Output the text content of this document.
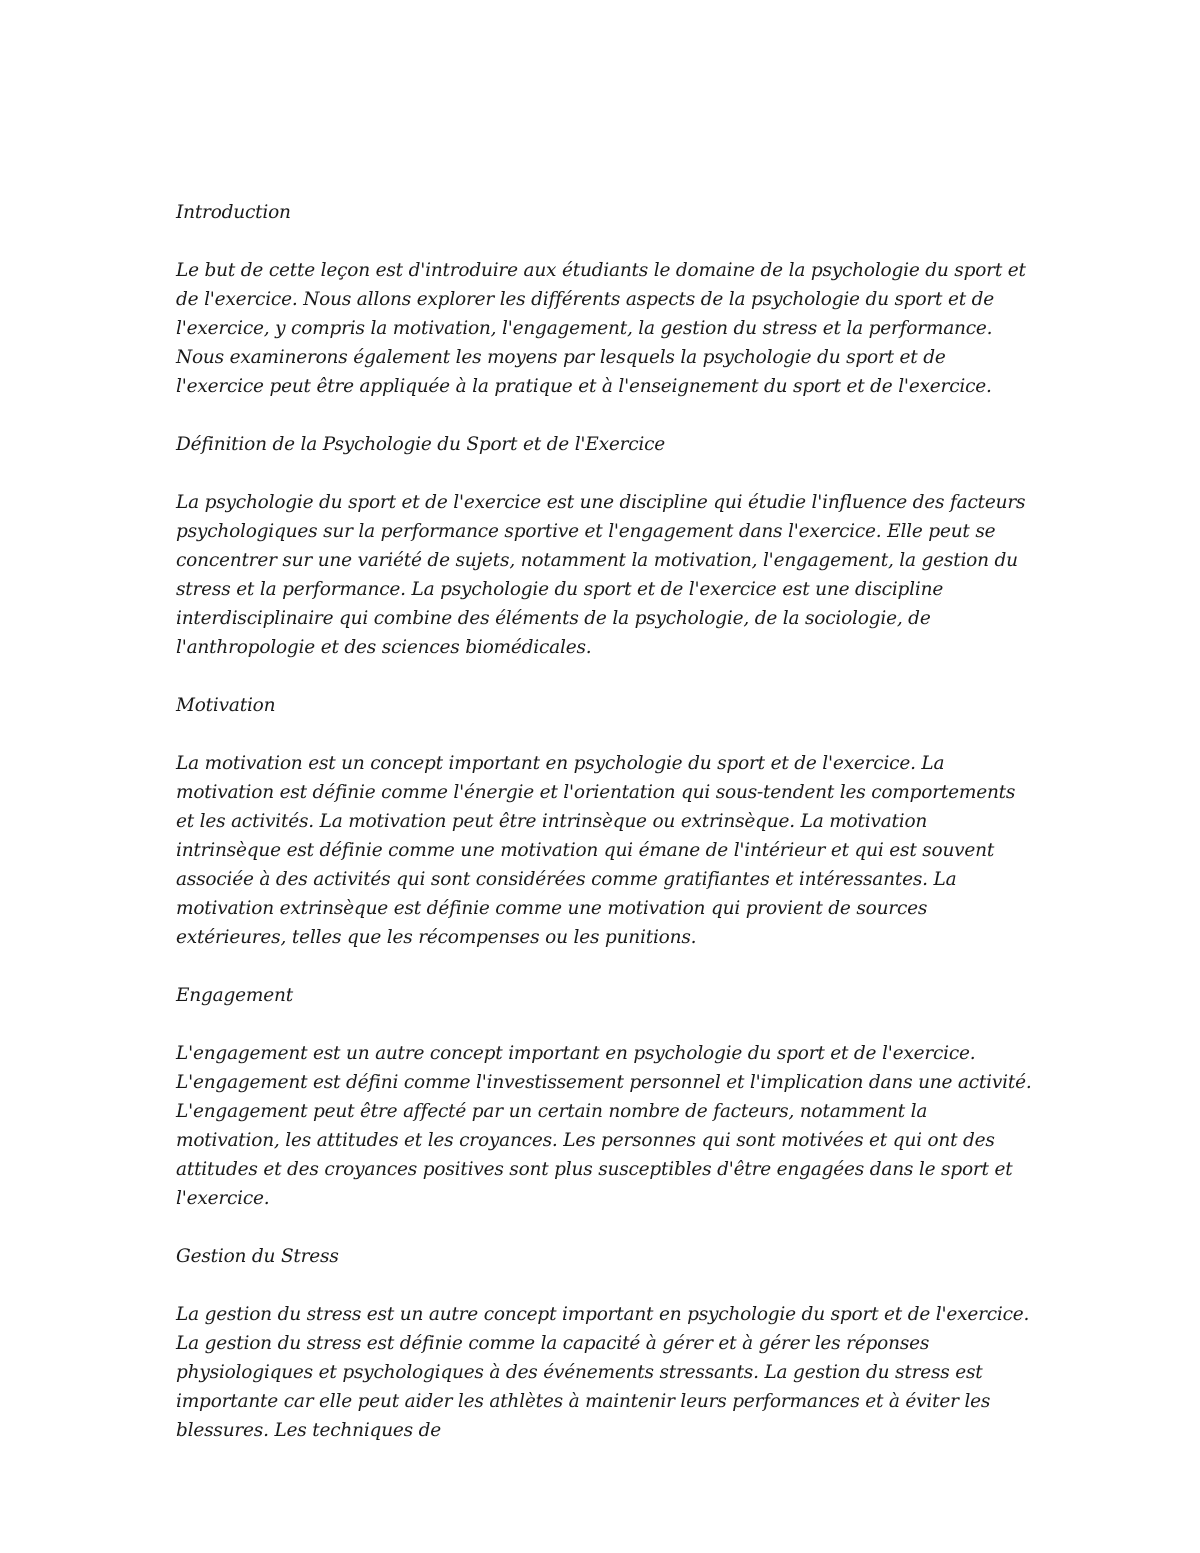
Introduction

Le but de cette leçon est d'introduire aux étudiants le domaine de la psychologie du sport et de l'exercice. Nous allons explorer les différents aspects de la psychologie du sport et de l'exercice, y compris la motivation, l'engagement, la gestion du stress et la performance. Nous examinerons également les moyens par lesquels la psychologie du sport et de l'exercice peut être appliquée à la pratique et à l'enseignement du sport et de l'exercice.

Définition de la Psychologie du Sport et de l'Exercice

La psychologie du sport et de l'exercice est une discipline qui étudie l'influence des facteurs psychologiques sur la performance sportive et l'engagement dans l'exercice. Elle peut se concentrer sur une variété de sujets, notamment la motivation, l'engagement, la gestion du stress et la performance. La psychologie du sport et de l'exercice est une discipline interdisciplinaire qui combine des éléments de la psychologie, de la sociologie, de l'anthropologie et des sciences biomédicales.

Motivation

La motivation est un concept important en psychologie du sport et de l'exercice. La motivation est définie comme l'énergie et l'orientation qui sous-tendent les comportements et les activités. La motivation peut être intrinsèque ou extrinsèque. La motivation intrinsèque est définie comme une motivation qui émane de l'intérieur et qui est souvent associée à des activités qui sont considérées comme gratifiantes et intéressantes. La motivation extrinsèque est définie comme une motivation qui provient de sources extérieures, telles que les récompenses ou les punitions.

Engagement

L'engagement est un autre concept important en psychologie du sport et de l'exercice. L'engagement est défini comme l'investissement personnel et l'implication dans une activité. L'engagement peut être affecté par un certain nombre de facteurs, notamment la motivation, les attitudes et les croyances. Les personnes qui sont motivées et qui ont des attitudes et des croyances positives sont plus susceptibles d'être engagées dans le sport et l'exercice.

Gestion du Stress

La gestion du stress est un autre concept important en psychologie du sport et de l'exercice. La gestion du stress est définie comme la capacité à gérer et à gérer les réponses physiologiques et psychologiques à des événements stressants. La gestion du stress est importante car elle peut aider les athlètes à maintenir leurs performances et à éviter les blessures. Les techniques de
